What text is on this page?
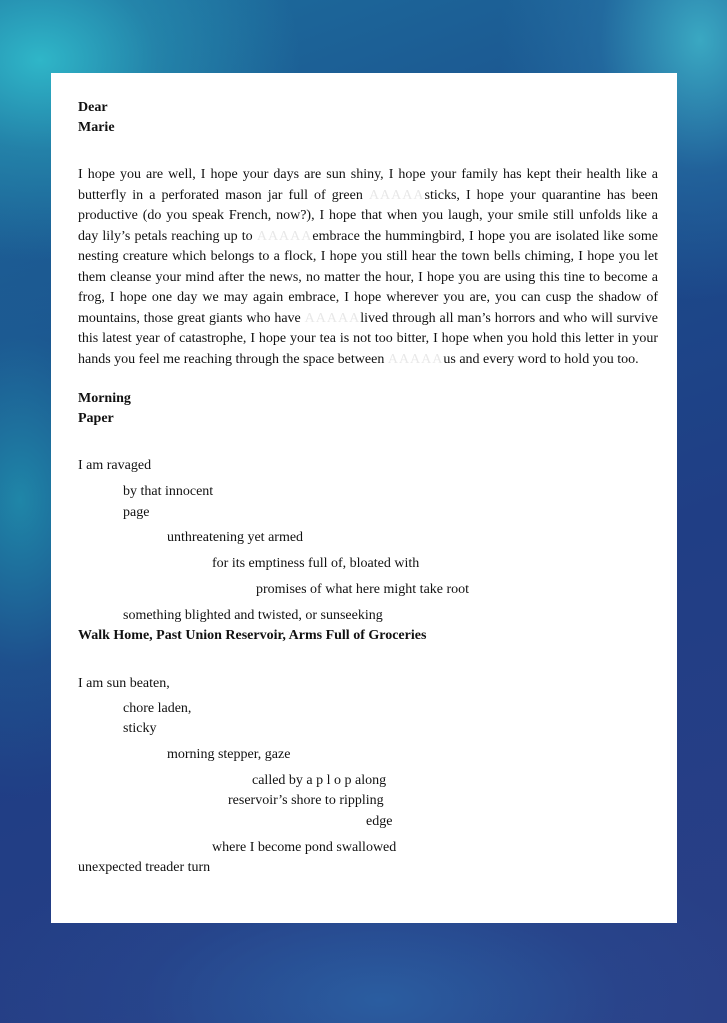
Dear
Marie
I hope you are well, I hope your days are sun shiny, I hope your family has kept their health like a butterfly in a perforated mason jar full of green AAAAAsticks, I hope your quarantine has been productive (do you speak French, now?), I hope that when you laugh, your smile still unfolds like a day lily’s petals reaching up to AAAAAembrace the hummingbird, I hope you are isolated like some nesting creature which belongs to a flock, I hope you still hear the town bells chiming, I hope you let them cleanse your mind after the news, no matter the hour, I hope you are using this tine to become a frog, I hope one day we may again embrace, I hope wherever you are, you can cusp the shadow of mountains, those great giants who have AAAAAlived through all man’s horrors and who will survive this latest year of catastrophe, I hope your tea is not too bitter, I hope when you hold this letter in your hands you feel me reaching through the space between AAAAAus and every word to hold you too.
Morning
Paper
I am ravaged
by that innocent
page
unthreatening yet armed
for its emptiness full of, bloated with
promises of what here might take root
something blighted and twisted, or sunseeking
Walk Home, Past Union Reservoir, Arms Full of Groceries
I am sun beaten,
chore laden,
sticky
morning stepper, gaze
called by a p l o p along
reservoir’s shore to rippling
edge
where I become pond swallowed
unexpected treader turn
